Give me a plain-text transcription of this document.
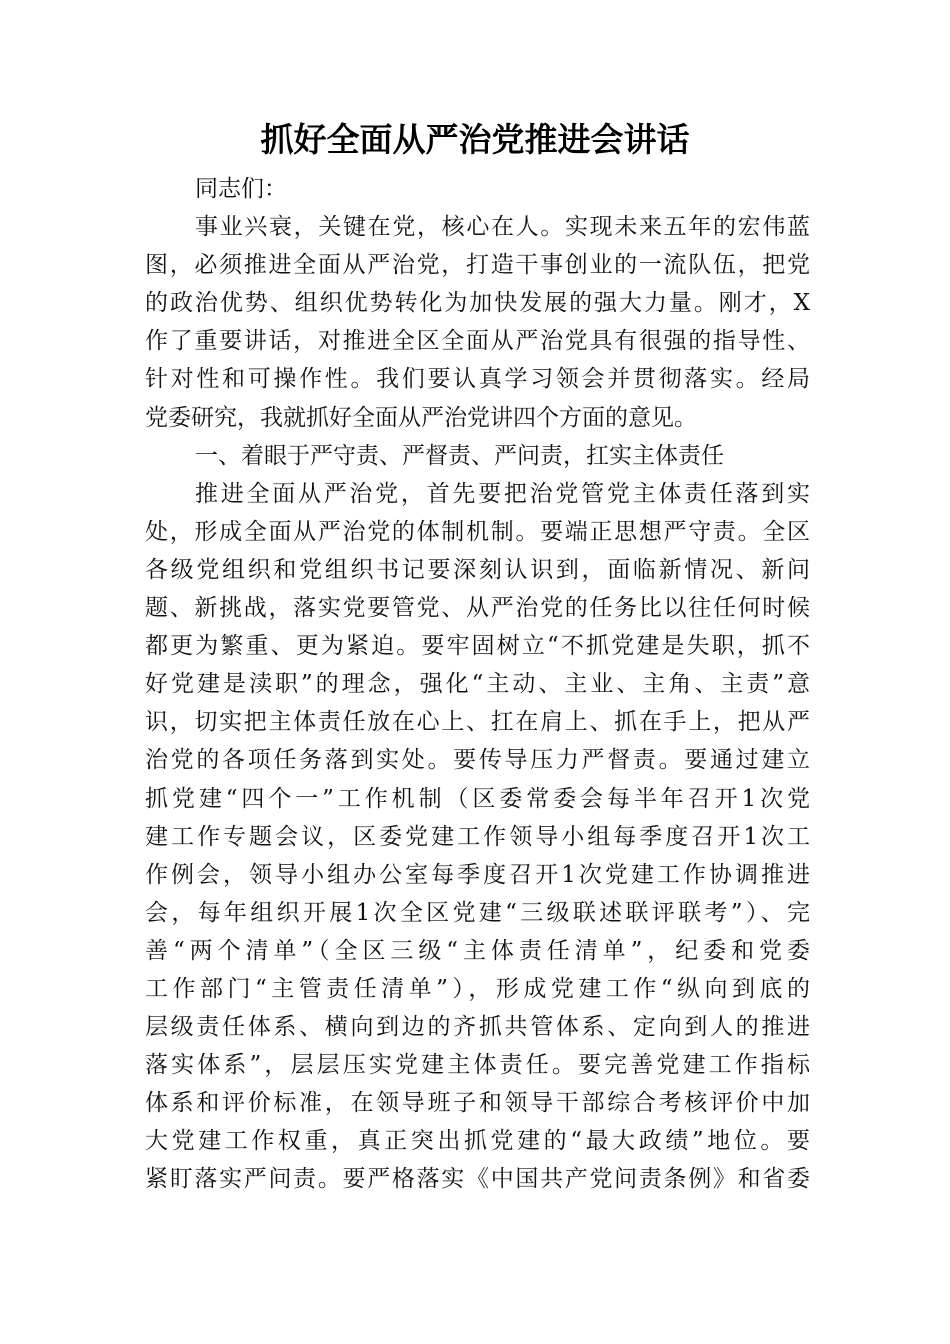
抓好全面从严治党推进会讲话
同志们：
事业兴衰，关键在党，核心在人。实现未来五年的宏伟蓝
图，必须推进全面从严治党，打造干事创业的一流队伍，把党
的政治优势、组织优势转化为加快发展的强大力量。刚才，X
作了重要讲话，对推进全区全面从严治党具有很强的指导性、
针对性和可操作性。我们要认真学习领会并贯彻落实。经局
党委研究，我就抓好全面从严治党讲四个方面的意见。
一、着眼于严守责、严督责、严问责，扛实主体责任
推进全面从严治党，首先要把治党管党主体责任落到实
处，形成全面从严治党的体制机制。要端正思想严守责。全区
各级党组织和党组织书记要深刻认识到，面临新情况、新问
题、新挑战，落实党要管党、从严治党的任务比以往任何时候
都更为繁重、更为紧迫。要牢固树立“不抓党建是失职，抓不
好党建是渎职”的理念，强化“主动、主业、主角、主责”意
识，切实把主体责任放在心上、扛在肩上、抓在手上，把从严
治党的各项任务落到实处。要传导压力严督责。要通过建立
抓党建“四个一”工作机制（区委常委会每半年召开1次党
建工作专题会议，区委党建工作领导小组每季度召开1次工
作例会，领导小组办公室每季度召开1次党建工作协调推进
会，每年组织开展1次全区党建“三级联述联评联考”）、完
善“两个清单”（全区三级“主体责任清单”，纪委和党委
工作部门“主管责任清单”），形成党建工作“纵向到底的
层级责任体系、横向到边的齐抓共管体系、定向到人的推进
落实体系”，层层压实党建主体责任。要完善党建工作指标
体系和评价标准，在领导班子和领导干部综合考核评价中加
大党建工作权重，真正突出抓党建的“最大政绩”地位。要
紧盯落实严问责。要严格落实《中国共产党问责条例》和省委
